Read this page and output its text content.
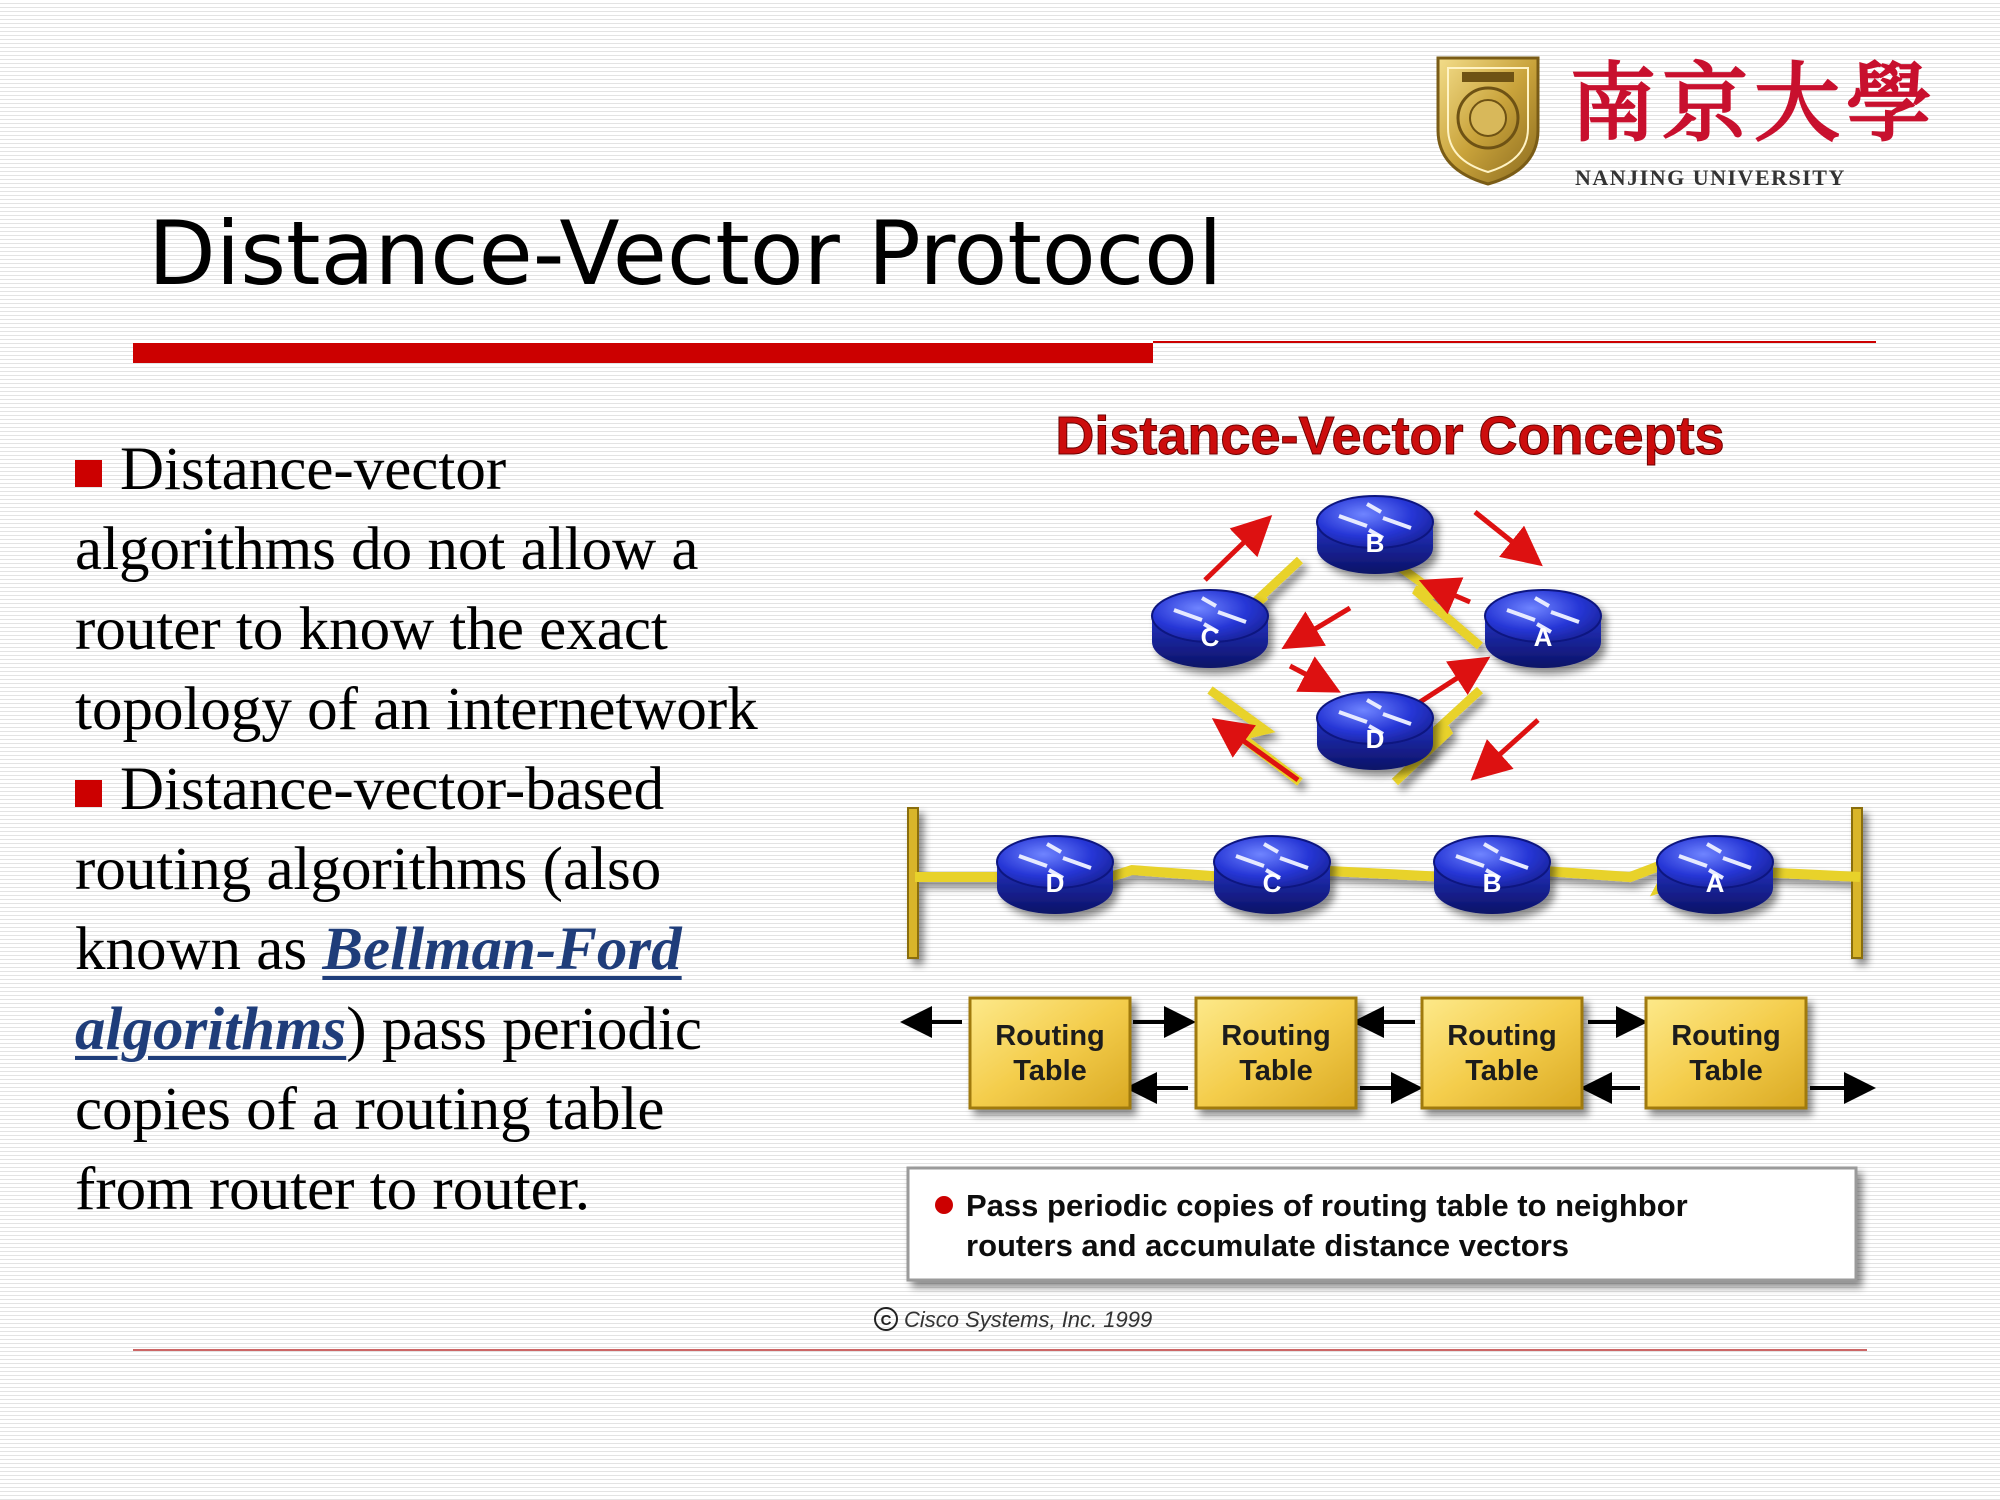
南京大學
NANJING UNIVERSITY
Distance-Vector Protocol

Distance-vector algorithms do not allow a router to know the exact topology of an internetwork

Distance-vector-based routing algorithms (also known as Bellman-Ford algorithms) pass periodic copies of a routing table from router to router.

Distance-Vector Concepts
B
C	A
D
D	C	B	A
Routing
Table
Routing
Table
Routing
Table
Routing
Table
Pass periodic copies of routing table to neighbor
routers and accumulate distance vectors
C Cisco Systems, Inc. 1999
